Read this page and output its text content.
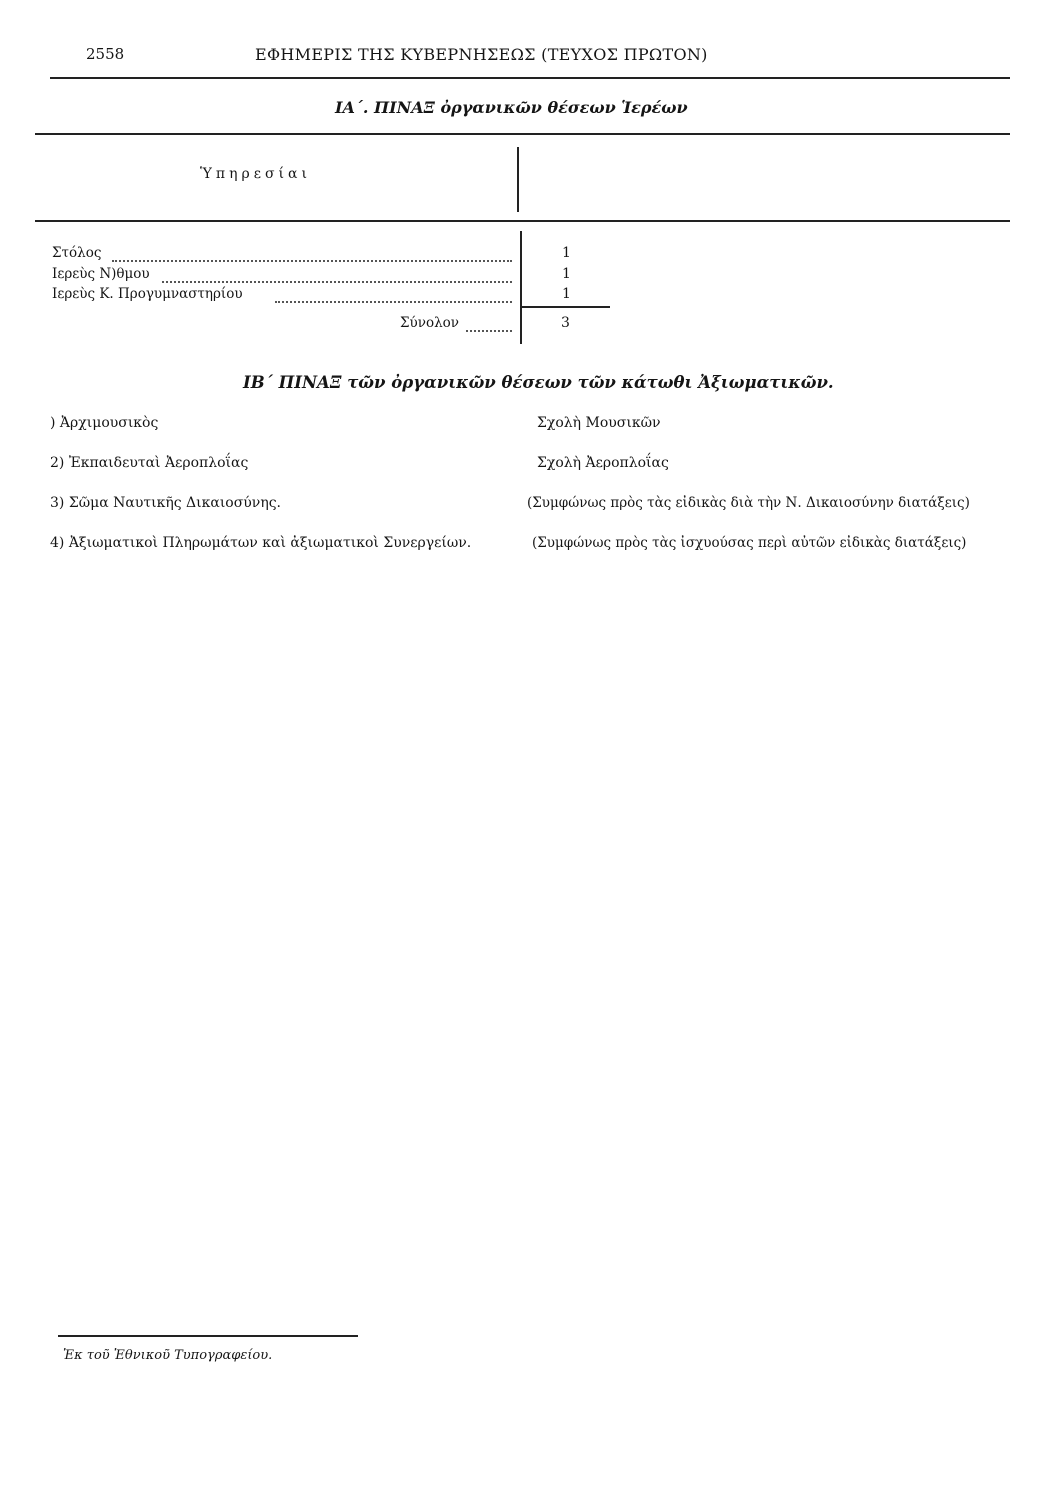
2558	ΕΦΗΜΕΡΙΣ ΤΗΣ ΚΥΒΕΡΝΗΣΕΩΣ (ΤΕΥΧΟΣ ΠΡΩΤΟΝ)
ΙΑ΄. ΠΙΝΑΞ ὀργανικῶν θέσεων Ἱερέων
Ὑπηρεσίαι
Στόλος	1
Ιερεὺς Ν)θμου	1
Ιερεὺς Κ. Προγυμναστηρίου	1
Σύνολον	3
ΙΒ΄ ΠΙΝΑΞ τῶν ὀργανικῶν θέσεων τῶν κάτωθι Ἀξιωματικῶν.
) Ἀρχιμουσικὸς	Σχολὴ Μουσικῶν
2) Ἐκπαιδευταὶ Ἀεροπλοΐας	Σχολὴ Ἀεροπλοΐας
3) Σῶμα Ναυτικῆς Δικαιοσύνης.	(Συμφώνως πρὸς τὰς εἰδικὰς διὰ τὴν Ν. Δικαιοσύνην διατάξεις)
4) Ἀξιωματικοὶ Πληρωμάτων καὶ ἀξιωματικοὶ Συνεργείων.	(Συμφώνως πρὸς τὰς ἰσχυούσας περὶ αὐτῶν εἰδικὰς διατάξεις)
Ἐκ τοῦ Ἐθνικοῦ Τυπογραφείου.
